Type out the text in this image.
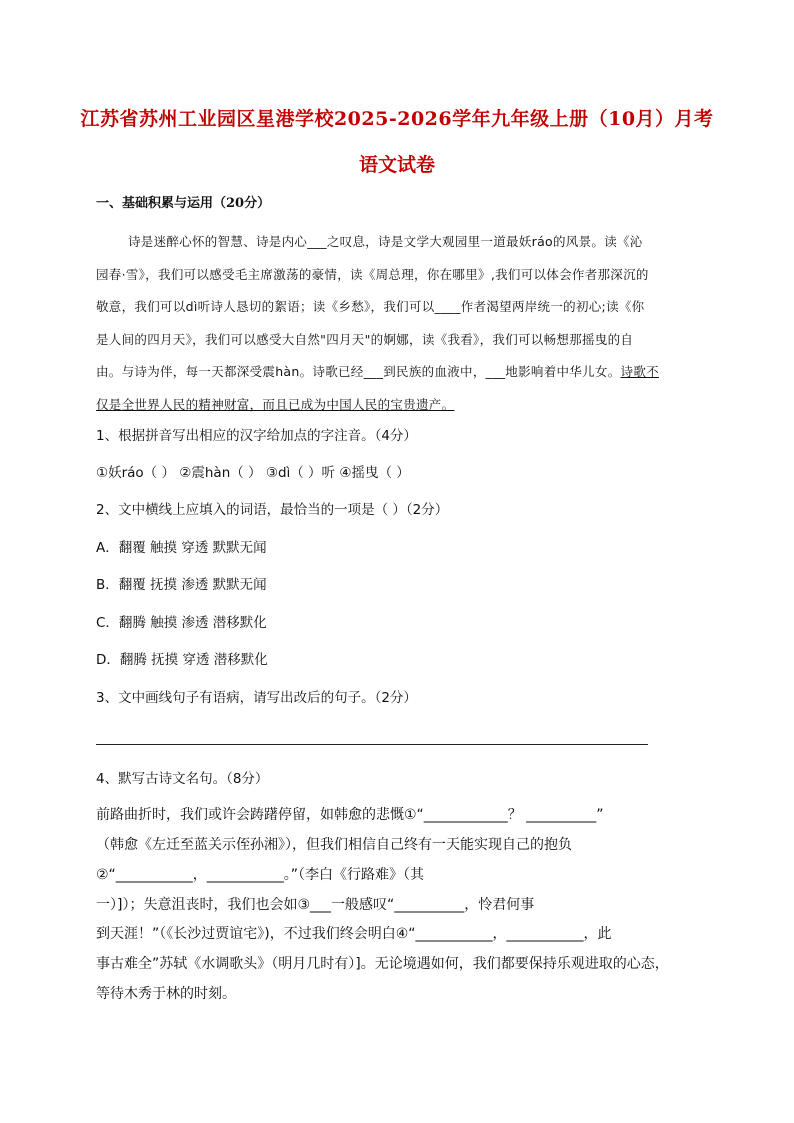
江苏省苏州工业园区星港学校2025-2026学年九年级上册（10月）月考
语文试卷
一、基础积累与运用（20分）
诗是迷醉心怀的智慧、诗是内心___之叹息，诗是文学大观园里一道最妖ráo的风景。读《沁
园春·雪》，我们可以感受毛主席激荡的豪情，读《周总理，你在哪里》,我们可以体会作者那深沉的
敬意，我们可以dì听诗人恳切的絮语；读《乡愁》，我们可以____作者渴望两岸统一的初心;读《你
是人间的四月天》，我们可以感受大自然"四月天"的婀娜，读《我看》，我们可以畅想那摇曳的自
由。与诗为伴，每一天都深受震hàn。诗歌已经___到民族的血液中，___地影响着中华儿女。诗歌不
仅是全世界人民的精神财富，而且已成为中国人民的宝贵遗产。
1、根据拼音写出相应的汉字给加点的字注音。（4分）
①妖ráo（ ） ②震hàn（ ） ③dì（ ）听 ④摇曳（ ）
2、文中横线上应填入的词语，最恰当的一项是（ ）（2分）
A．翻覆 触摸 穿透 默默无闻
B．翻覆 抚摸 渗透 默默无闻
C．翻腾 触摸 渗透 潜移默化
D．翻腾 抚摸 穿透 潜移默化
3、文中画线句子有语病，请写出改后的句子。（2分）
4、默写古诗文名句。（8分）
前路曲折时，我们或许会踌躇停留，如韩愈的悲慨①“____________？ __________”
（韩愈《左迁至蓝关示侄孙湘》），但我们相信自己终有一天能实现自己的抱负
②“___________，___________。”（李白《行路难》（其
一）]）；失意沮丧时，我们也会如③___一般感叹“__________，怜君何事
到天涯！”（《长沙过贾谊宅》)，不过我们终会明白④“___________，___________，此
事古难全”苏轼《水调歌头》（明月几时有）]。无论境遇如何，我们都要保持乐观进取的心态，
等待木秀于林的时刻。
